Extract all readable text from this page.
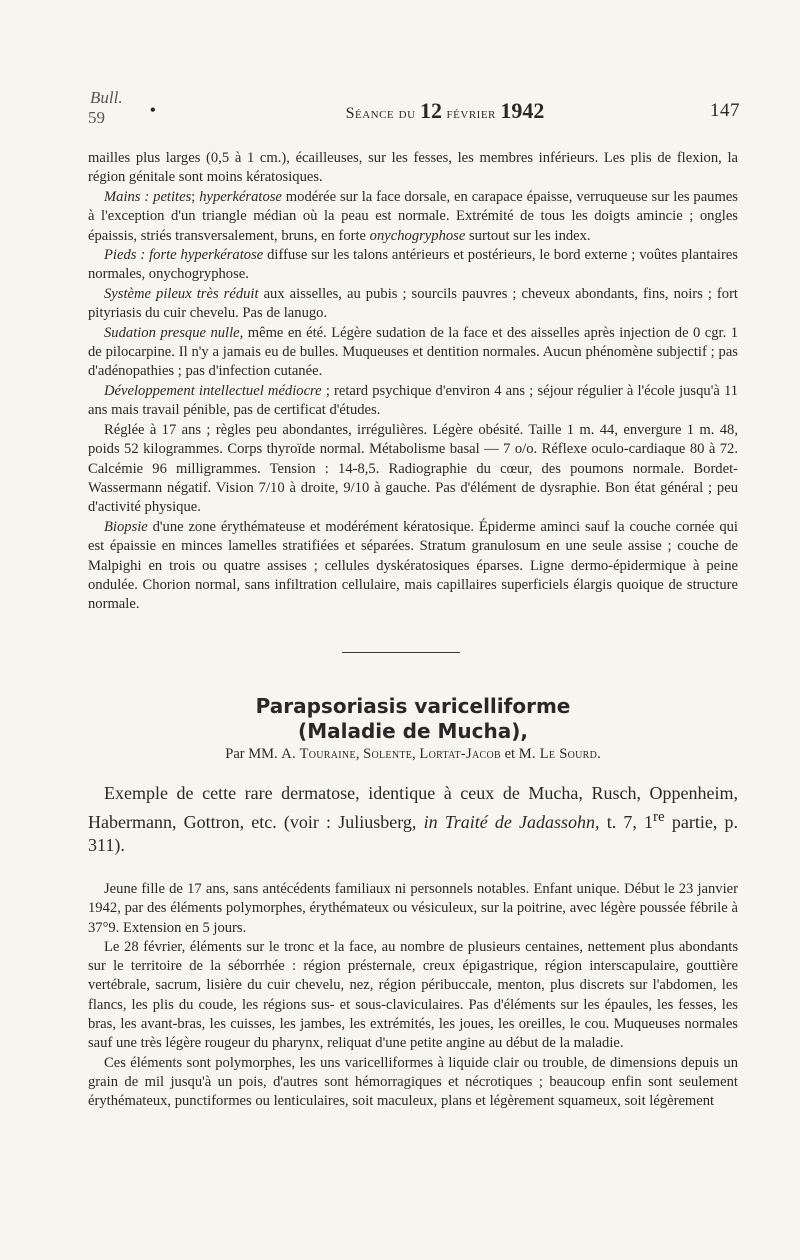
Bull.
59	•	Séance du 12 février 1942	147

mailles plus larges (0,5 à 1 cm.), écailleuses, sur les fesses, les membres inférieurs. Les plis de flexion, la région génitale sont moins kératosiques.

Mains : petites; hyperkératose modérée sur la face dorsale, en carapace épaisse, verruqueuse sur les paumes à l'exception d'un triangle médian où la peau est normale. Extrémité de tous les doigts amincie ; ongles épaissis, striés transversalement, bruns, en forte onychogryphose surtout sur les index.

Pieds : forte hyperkératose diffuse sur les talons antérieurs et postérieurs, le bord externe ; voûtes plantaires normales, onychogryphose.

Système pileux très réduit aux aisselles, au pubis ; sourcils pauvres ; cheveux abondants, fins, noirs ; fort pityriasis du cuir chevelu. Pas de lanugo.

Sudation presque nulle, même en été. Légère sudation de la face et des aisselles après injection de 0 cgr. 1 de pilocarpine. Il n'y a jamais eu de bulles. Muqueuses et dentition normales. Aucun phénomène subjectif ; pas d'adénopathies ; pas d'infection cutanée.

Développement intellectuel médiocre ; retard psychique d'environ 4 ans ; séjour régulier à l'école jusqu'à 11 ans mais travail pénible, pas de certificat d'études.

Réglée à 17 ans ; règles peu abondantes, irrégulières. Légère obésité. Taille 1 m. 44, envergure 1 m. 48, poids 52 kilogrammes. Corps thyroïde normal. Métabolisme basal — 7 o/o. Réflexe oculo-cardiaque 80 à 72. Calcémie 96 milligrammes. Tension : 14-8,5. Radiographie du cœur, des poumons normale. Bordet-Wassermann négatif. Vision 7/10 à droite, 9/10 à gauche. Pas d'élément de dysraphie. Bon état général ; peu d'activité physique.

Biopsie d'une zone érythémateuse et modérément kératosique. Épiderme aminci sauf la couche cornée qui est épaissie en minces lamelles stratifiées et séparées. Stratum granulosum en une seule assise ; couche de Malpighi en trois ou quatre assises ; cellules dyskératosiques éparses. Ligne dermo-épidermique à peine ondulée. Chorion normal, sans infiltration cellulaire, mais capillaires superficiels élargis quoique de structure normale.

Parapsoriasis varicelliforme
(Maladie de Mucha),
Par MM. A. Touraine, Solente, Lortat-Jacob et M. Le Sourd.

Exemple de cette rare dermatose, identique à ceux de Mucha, Rusch, Oppenheim, Habermann, Gottron, etc. (voir : Juliusberg, in Traité de Jadassohn, t. 7, 1re partie, p. 311).

Jeune fille de 17 ans, sans antécédents familiaux ni personnels notables. Enfant unique. Début le 23 janvier 1942, par des éléments polymorphes, érythémateux ou vésiculeux, sur la poitrine, avec légère poussée fébrile à 37°9. Extension en 5 jours.

Le 28 février, éléments sur le tronc et la face, au nombre de plusieurs centaines, nettement plus abondants sur le territoire de la séborrhée : région présternale, creux épigastrique, région interscapulaire, gouttière vertébrale, sacrum, lisière du cuir chevelu, nez, région péribuccale, menton, plus discrets sur l'abdomen, les flancs, les plis du coude, les régions sus- et sous-claviculaires. Pas d'éléments sur les épaules, les fesses, les bras, les avant-bras, les cuisses, les jambes, les extrémités, les joues, les oreilles, le cou. Muqueuses normales sauf une très légère rougeur du pharynx, reliquat d'une petite angine au début de la maladie.

Ces éléments sont polymorphes, les uns varicelliformes à liquide clair ou trouble, de dimensions depuis un grain de mil jusqu'à un pois, d'autres sont hémorragiques et nécrotiques ; beaucoup enfin sont seulement érythémateux, punctiformes ou lenticulaires, soit maculeux, plans et légèrement squameux, soit légèrement
